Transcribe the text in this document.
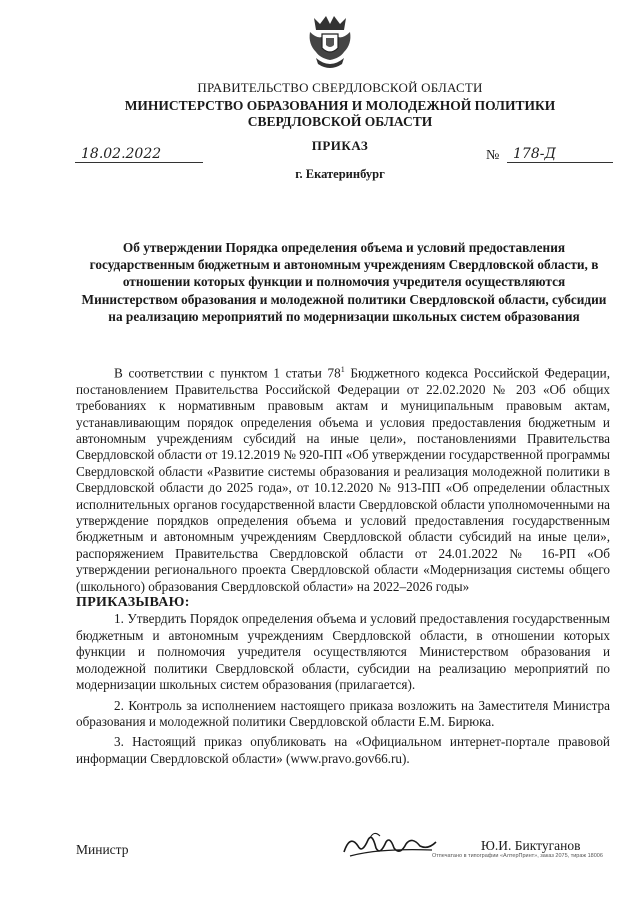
ПРАВИТЕЛЬСТВО СВЕРДЛОВСКОЙ ОБЛАСТИ
МИНИСТЕРСТВО ОБРАЗОВАНИЯ И МОЛОДЕЖНОЙ ПОЛИТИКИ
СВЕРДЛОВСКОЙ ОБЛАСТИ
ПРИКАЗ
18.02.2022	№ 178-Д
г. Екатеринбург
Об утверждении Порядка определения объема и условий предоставления государственным бюджетным и автономным учреждениям Свердловской области, в отношении которых функции и полномочия учредителя осуществляются Министерством образования и молодежной политики Свердловской области, субсидии на реализацию мероприятий по модернизации школьных систем образования

В соответствии с пунктом 1 статьи $78^1$ Бюджетного кодекса Российской Федерации, постановлением Правительства Российской Федерации от 22.02.2020 № 203 «Об общих требованиях к нормативным правовым актам и муниципальным правовым актам, устанавливающим порядок определения объема и условия предоставления бюджетным и автономным учреждениям субсидий на иные цели», постановлениями Правительства Свердловской области от 19.12.2019 № 920-ПП «Об утверждении государственной программы Свердловской области «Развитие системы образования и реализация молодежной политики в Свердловской области до 2025 года», от 10.12.2020 № 913-ПП «Об определении областных исполнительных органов государственной власти Свердловской области уполномоченными на утверждение порядков определения объема и условий предоставления государственным бюджетным и автономным учреждениям Свердловской области субсидий на иные цели», распоряжением Правительства Свердловской области от 24.01.2022 № 16-РП «Об утверждении регионального проекта Свердловской области «Модернизация системы общего (школьного) образования Свердловской области» на 2022–2026 годы»

ПРИКАЗЫВАЮ:

1. Утвердить Порядок определения объема и условий предоставления государственным бюджетным и автономным учреждениям Свердловской области, в отношении которых функции и полномочия учредителя осуществляются Министерством образования и молодежной политики Свердловской области, субсидии на реализацию мероприятий по модернизации школьных систем образования (прилагается).

2. Контроль за исполнением настоящего приказа возложить на Заместителя Министра образования и молодежной политики Свердловской области Е.М. Бирюка.

3. Настоящий приказ опубликовать на «Официальном интернет-портале правовой информации Свердловской области» (www.pravo.gov66.ru).

Министр	Ю.И. Биктуганов
Отпечатано в типографии «АлтерПринт», заказ 2075, тираж 18006
